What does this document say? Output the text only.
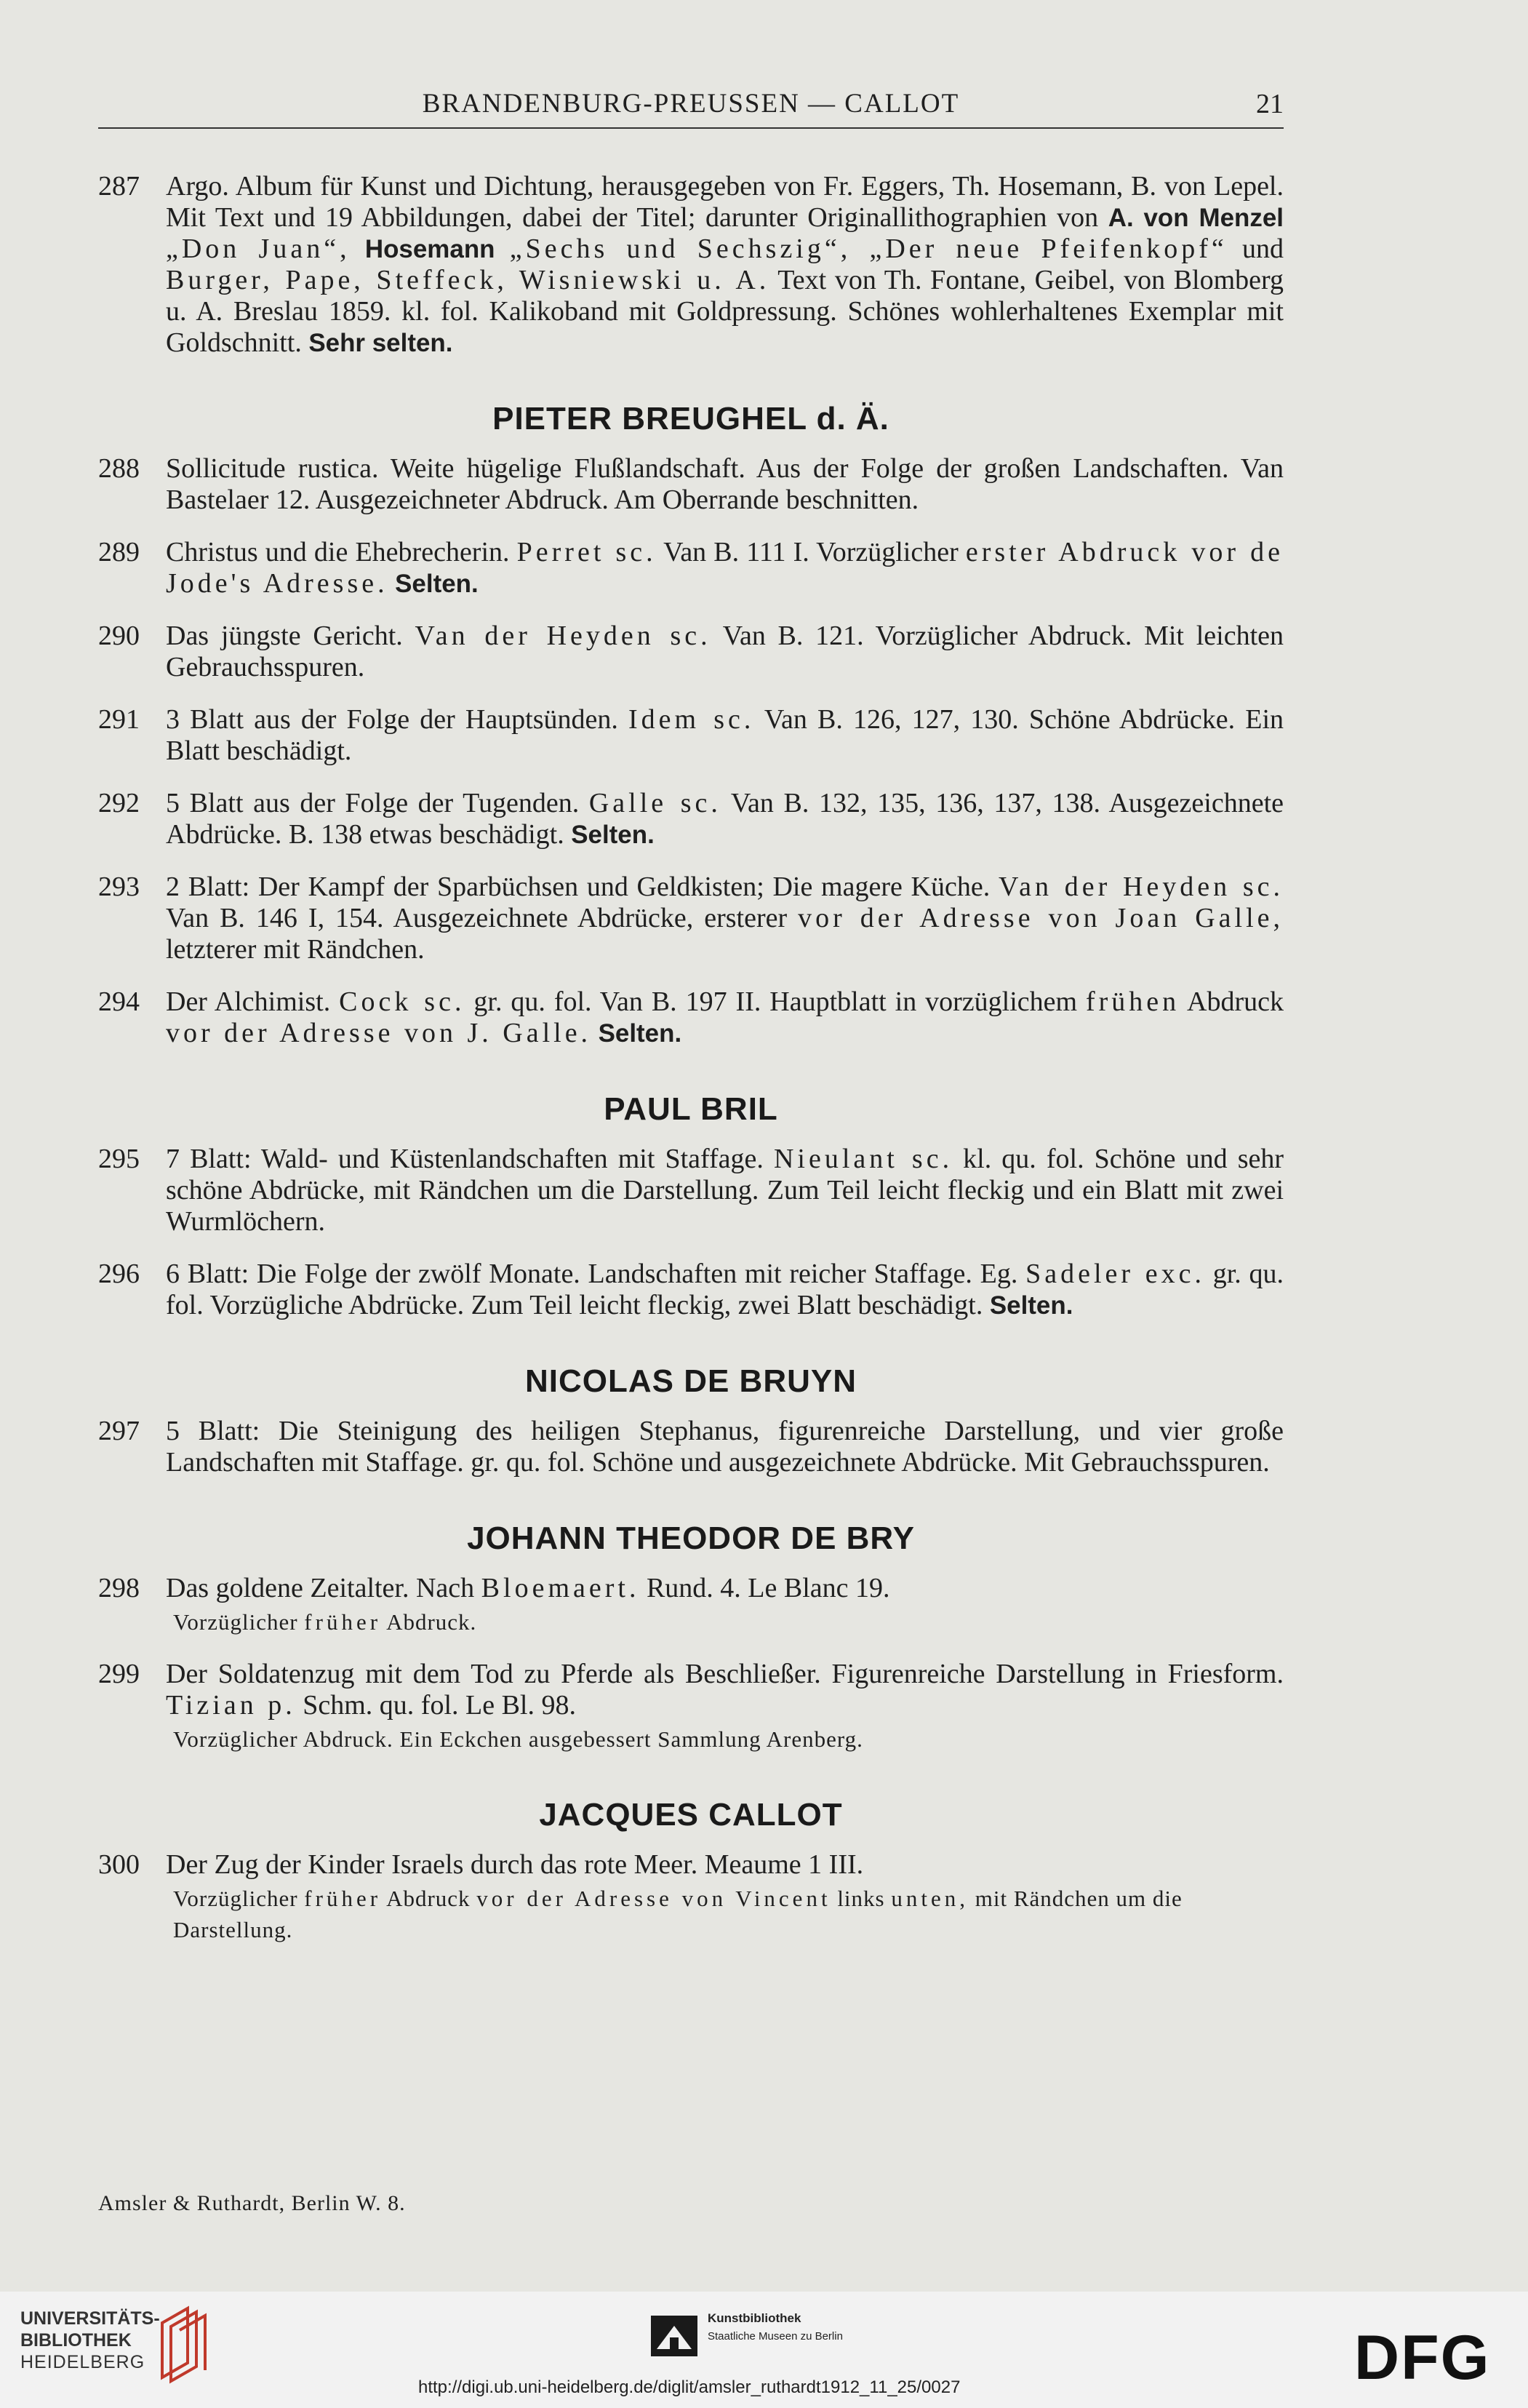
BRANDENBURG-PREUSSEN — CALLOT	21
287 Argo. Album für Kunst und Dichtung, herausgegeben von Fr. Eggers, Th. Hosemann, B. von Lepel. Mit Text und 19 Abbildungen, dabei der Titel; darunter Originallithographien von A. von Menzel „Don Juan“, Hosemann „Sechs und Sechszig“, „Der neue Pfeifenkopf“ und Burger, Pape, Steffeck, Wisniewski u. A. Text von Th. Fontane, Geibel, von Blomberg u. A. Breslau 1859. kl. fol. Kalikoband mit Goldpressung. Schönes wohlerhaltenes Exemplar mit Goldschnitt. Sehr selten.
PIETER BREUGHEL d. Ä.
288 Sollicitude rustica. Weite hügelige Flußlandschaft. Aus der Folge der großen Landschaften. Van Bastelaer 12. Ausgezeichneter Abdruck. Am Oberrande beschnitten.
289 Christus und die Ehebrecherin. Perret sc. Van B. 111 I. Vorzüglicher erster Abdruck vor de Jode's Adresse. Selten.
290 Das jüngste Gericht. Van der Heyden sc. Van B. 121. Vorzüglicher Abdruck. Mit leichten Gebrauchsspuren.
291 3 Blatt aus der Folge der Hauptsünden. Idem sc. Van B. 126, 127, 130. Schöne Abdrücke. Ein Blatt beschädigt.
292 5 Blatt aus der Folge der Tugenden. Galle sc. Van B. 132, 135, 136, 137, 138. Ausgezeichnete Abdrücke. B. 138 etwas beschädigt. Selten.
293 2 Blatt: Der Kampf der Sparbüchsen und Geldkisten; Die magere Küche. Van der Heyden sc. Van B. 146 I, 154. Ausgezeichnete Abdrücke, ersterer vor der Adresse von Joan Galle, letzterer mit Rändchen.
294 Der Alchimist. Cock sc. gr. qu. fol. Van B. 197 II. Hauptblatt in vorzüglichem frühen Abdruck vor der Adresse von J. Galle. Selten.
PAUL BRIL
295 7 Blatt: Wald- und Küstenlandschaften mit Staffage. Nieulant sc. kl. qu. fol. Schöne und sehr schöne Abdrücke, mit Rändchen um die Darstellung. Zum Teil leicht fleckig und ein Blatt mit zwei Wurmlöchern.
296 6 Blatt: Die Folge der zwölf Monate. Landschaften mit reicher Staffage. Eg. Sadeler exc. gr. qu. fol. Vorzügliche Abdrücke. Zum Teil leicht fleckig, zwei Blatt beschädigt. Selten.
NICOLAS DE BRUYN
297 5 Blatt: Die Steinigung des heiligen Stephanus, figurenreiche Darstellung, und vier große Landschaften mit Staffage. gr. qu. fol. Schöne und ausgezeichnete Abdrücke. Mit Gebrauchsspuren.
JOHANN THEODOR DE BRY
298 Das goldene Zeitalter. Nach Bloemaert. Rund. 4. Le Blanc 19.
Vorzüglicher früher Abdruck.
299 Der Soldatenzug mit dem Tod zu Pferde als Beschließer. Figurenreiche Darstellung in Friesform. Tizian p. Schm. qu. fol. Le Bl. 98.
Vorzüglicher Abdruck. Ein Eckchen ausgebessert Sammlung Arenberg.
JACQUES CALLOT
300 Der Zug der Kinder Israels durch das rote Meer. Meaume 1 III.
Vorzüglicher früher Abdruck vor der Adresse von Vincent links unten, mit Rändchen um die Darstellung.
Amsler & Ruthardt, Berlin W. 8.
UNIVERSITÄTS-
BIBLIOTHEK
HEIDELBERG
Kunstbibliothek
Staatliche Museen zu Berlin
http://digi.ub.uni-heidelberg.de/diglit/amsler_ruthardt1912_11_25/0027	DFG
